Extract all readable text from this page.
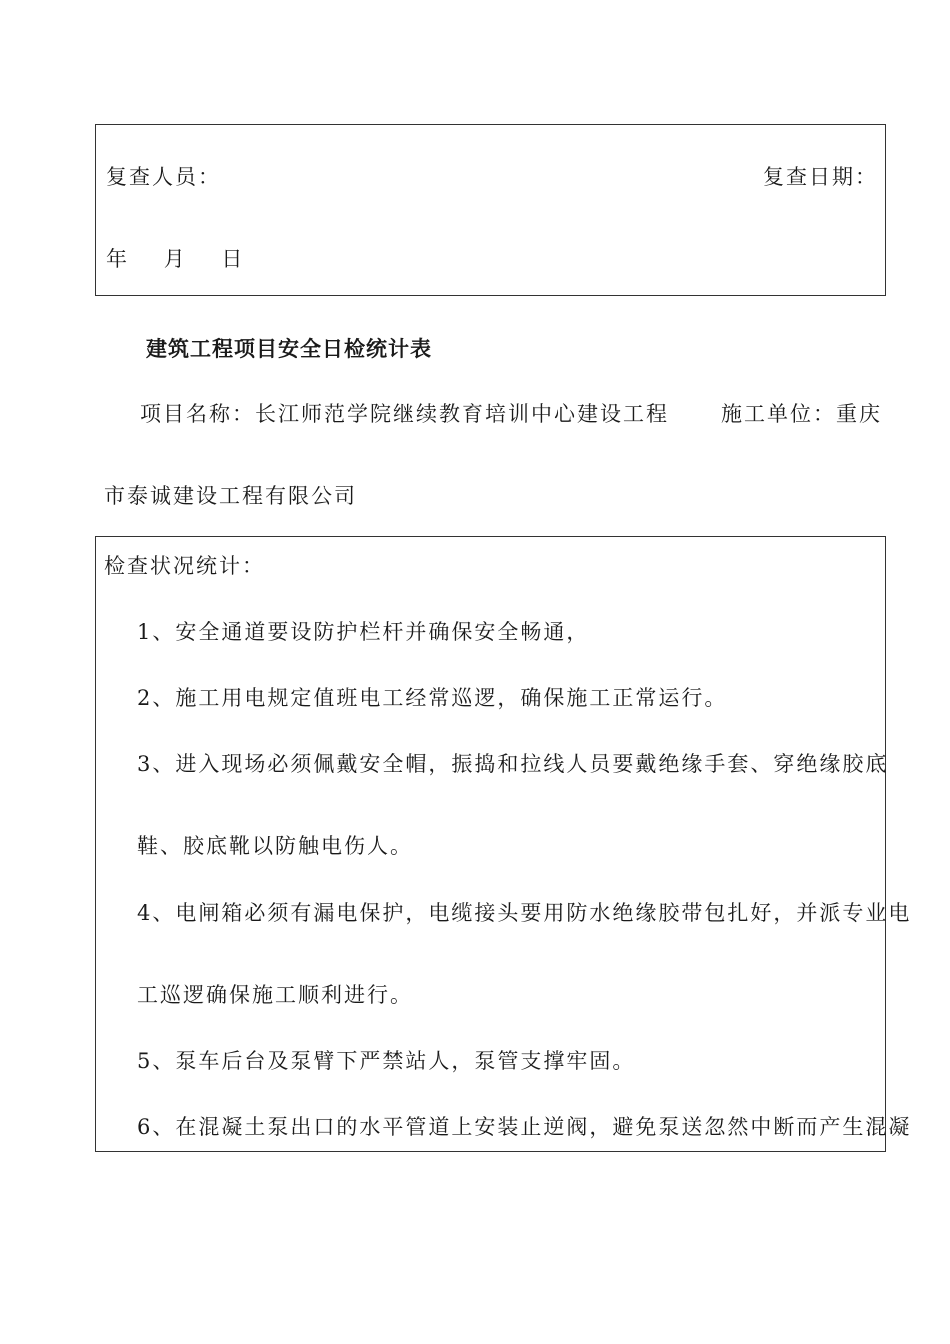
复查人员：	复查日期：
年    月    日
建筑工程项目安全日检统计表
项目名称：长江师范学院继续教育培训中心建设工程      施工单位：重庆
市泰诚建设工程有限公司
检查状况统计：
1、安全通道要设防护栏杆并确保安全畅通，
2、施工用电规定值班电工经常巡逻，确保施工正常运行。
3、进入现场必须佩戴安全帽，振捣和拉线人员要戴绝缘手套、穿绝缘胶底
鞋、胶底靴以防触电伤人。
4、电闸箱必须有漏电保护，电缆接头要用防水绝缘胶带包扎好，并派专业电
工巡逻确保施工顺利进行。
5、泵车后台及泵臂下严禁站人，泵管支撑牢固。
6、在混凝土泵出口的水平管道上安装止逆阀，避免泵送忽然中断而产生混凝
